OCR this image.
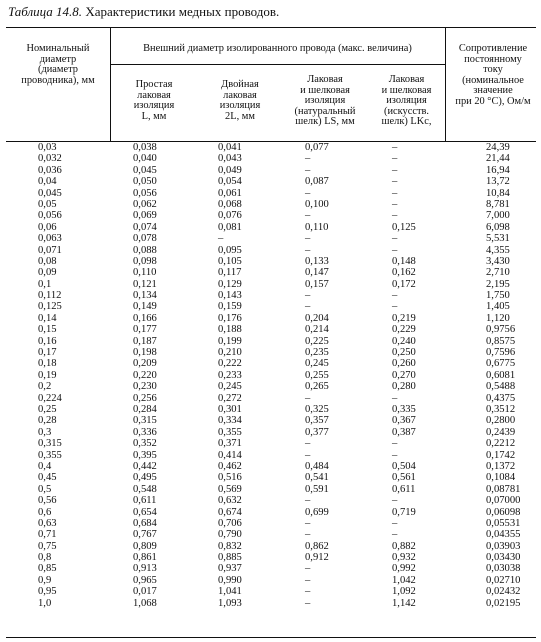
Таблица 14.8. Характеристики медных проводов.
Номинальный
диаметр
(диаметр
проводника), мм
Внешний диаметр изолированного провода (макс. величина)
Простая
лаковая
изоляция
L, мм
Двойная
лаковая
изоляция
2L, мм
Лаковая
и шелковая
изоляция
(натуральный
шелк) LS, мм
Лаковая
и шелковая
изоляция
(искусств.
шелк) LKc,
Сопротивление
постоянному
току
(номинальное
значение
при 20 °С), Ом/м
0,03	0,038	0,041	0,077	–	24,39
0,032	0,040	0,043	–	–	21,44
0,036	0,045	0,049	–	–	16,94
0,04	0,050	0,054	0,087	–	13,72
0,045	0,056	0,061	–	–	10,84
0,05	0,062	0,068	0,100	–	8,781
0,056	0,069	0,076	–	–	7,000
0,06	0,074	0,081	0,110	0,125	6,098
0,063	0,078	–	–	–	5,531
0,071	0,088	0,095	–	–	4,355
0,08	0,098	0,105	0,133	0,148	3,430
0,09	0,110	0,117	0,147	0,162	2,710
0,1	0,121	0,129	0,157	0,172	2,195
0,112	0,134	0,143	–	–	1,750
0,125	0,149	0,159	–	–	1,405
0,14	0,166	0,176	0,204	0,219	1,120
0,15	0,177	0,188	0,214	0,229	0,9756
0,16	0,187	0,199	0,225	0,240	0,8575
0,17	0,198	0,210	0,235	0,250	0,7596
0,18	0,209	0,222	0,245	0,260	0,6775
0,19	0,220	0,233	0,255	0,270	0,6081
0,2	0,230	0,245	0,265	0,280	0,5488
0,224	0,256	0,272	–	–	0,4375
0,25	0,284	0,301	0,325	0,335	0,3512
0,28	0,315	0,334	0,357	0,367	0,2800
0,3	0,336	0,355	0,377	0,387	0,2439
0,315	0,352	0,371	–	–	0,2212
0,355	0,395	0,414	–	–	0,1742
0,4	0,442	0,462	0,484	0,504	0,1372
0,45	0,495	0,516	0,541	0,561	0,1084
0,5	0,548	0,569	0,591	0,611	0,08781
0,56	0,611	0,632	–	–	0,07000
0,6	0,654	0,674	0,699	0,719	0,06098
0,63	0,684	0,706	–	–	0,05531
0,71	0,767	0,790	–	–	0,04355
0,75	0,809	0,832	0,862	0,882	0,03903
0,8	0,861	0,885	0,912	0,932	0,03430
0,85	0,913	0,937	–	0,992	0,03038
0,9	0,965	0,990	–	1,042	0,02710
0,95	0,017	1,041	–	1,092	0,02432
1,0	1,068	1,093	–	1,142	0,02195
